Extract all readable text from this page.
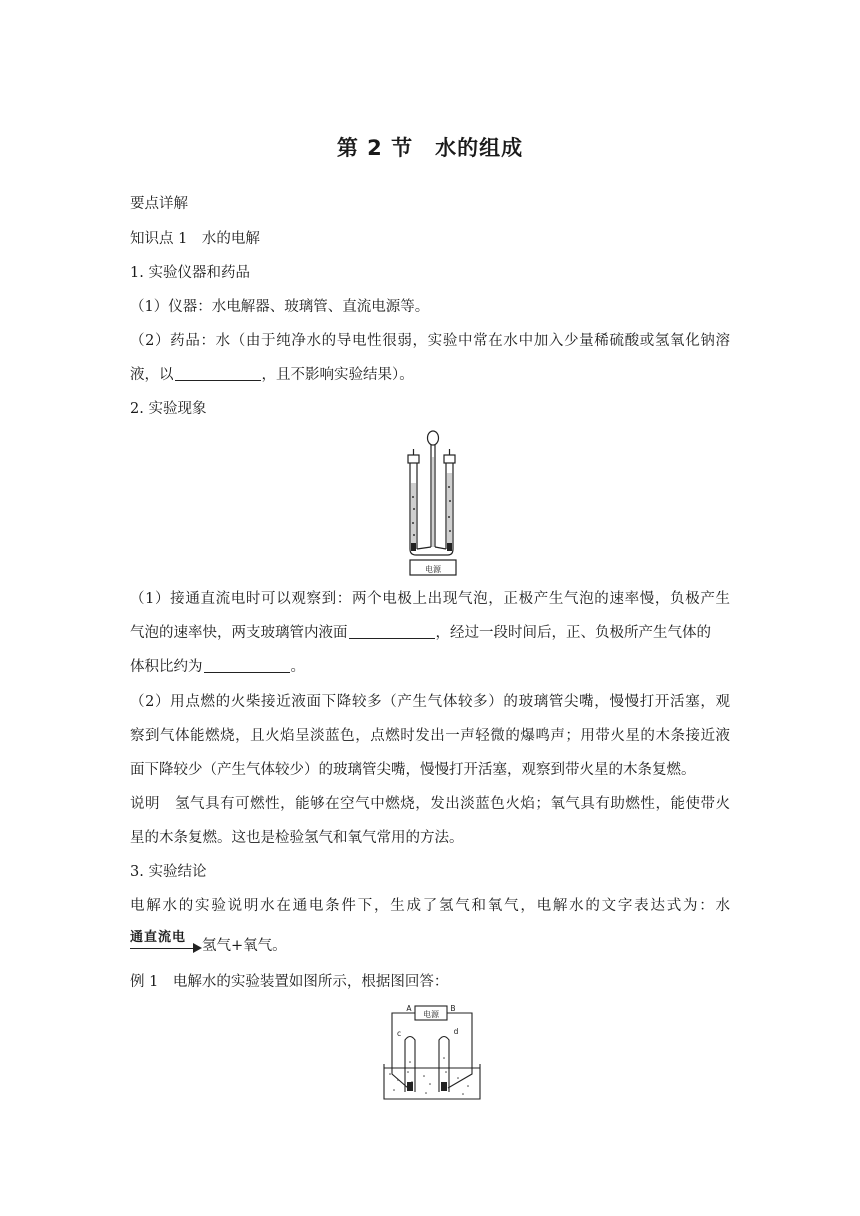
第 2 节　水的组成
要点详解
知识点 1　水的电解
1. 实验仪器和药品
（1）仪器：水电解器、玻璃管、直流电源等。
（2）药品：水（由于纯净水的导电性很弱，实验中常在水中加入少量稀硫酸或氢氧化钠溶
液，以	，且不影响实验结果）。
2. 实验现象
电源
（1）接通直流电时可以观察到：两个电极上出现气泡，正极产生气泡的速率慢，负极产生
气泡的速率快，两支玻璃管内液面	，经过一段时间后，正、负极所产生气体的
体积比约为	。
（2）用点燃的火柴接近液面下降较多（产生气体较多）的玻璃管尖嘴，慢慢打开活塞，观
察到气体能燃烧，且火焰呈淡蓝色，点燃时发出一声轻微的爆鸣声；用带火星的木条接近液
面下降较少（产生气体较少）的玻璃管尖嘴，慢慢打开活塞，观察到带火星的木条复燃。
说明　氢气具有可燃性，能够在空气中燃烧，发出淡蓝色火焰；氧气具有助燃性，能使带火
星的木条复燃。这也是检验氢气和氧气常用的方法。
3. 实验结论
电解水的实验说明水在通电条件下，生成了氢气和氧气，电解水的文字表达式为：水
通直流电
氢气+氧气。
例 1　电解水的实验装置如图所示，根据图回答：
电源
A	B
c	d
